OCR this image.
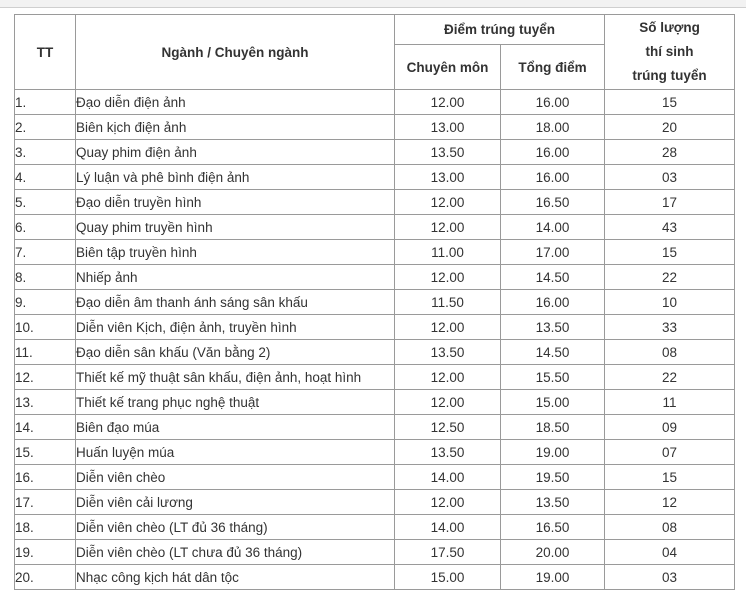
TT	Ngành / Chuyên ngành	Điểm trúng tuyển		Số lượng
thí sinh
trúng tuyển
		Chuyên môn	Tổng điểm	
1.	Đạo diễn điện ảnh	12.00	16.00	15
2.	Biên kịch điện ảnh	13.00	18.00	20
3.	Quay phim điện ảnh	13.50	16.00	28
4.	Lý luận và phê bình điện ảnh	13.00	16.00	03
5.	Đạo diễn truyền hình	12.00	16.50	17
6.	Quay phim truyền hình	12.00	14.00	43
7.	Biên tập truyền hình	11.00	17.00	15
8.	Nhiếp ảnh	12.00	14.50	22
9.	Đạo diễn âm thanh ánh sáng sân khấu	11.50	16.00	10
10.	Diễn viên Kịch, điện ảnh, truyền hình	12.00	13.50	33
11.	Đạo diễn sân khấu (Văn bằng 2)	13.50	14.50	08
12.	Thiết kế mỹ thuật sân khấu, điện ảnh, hoạt hình	12.00	15.50	22
13.	Thiết kế trang phục nghệ thuật	12.00	15.00	11
14.	Biên đạo múa	12.50	18.50	09
15.	Huấn luyện múa	13.50	19.00	07
16.	Diễn viên chèo	14.00	19.50	15
17.	Diễn viên cải lương	12.00	13.50	12
18.	Diễn viên chèo (LT đủ 36 tháng)	14.00	16.50	08
19.	Diễn viên chèo (LT chưa đủ 36 tháng)	17.50	20.00	04
20.	Nhạc công kịch hát dân tộc	15.00	19.00	03
